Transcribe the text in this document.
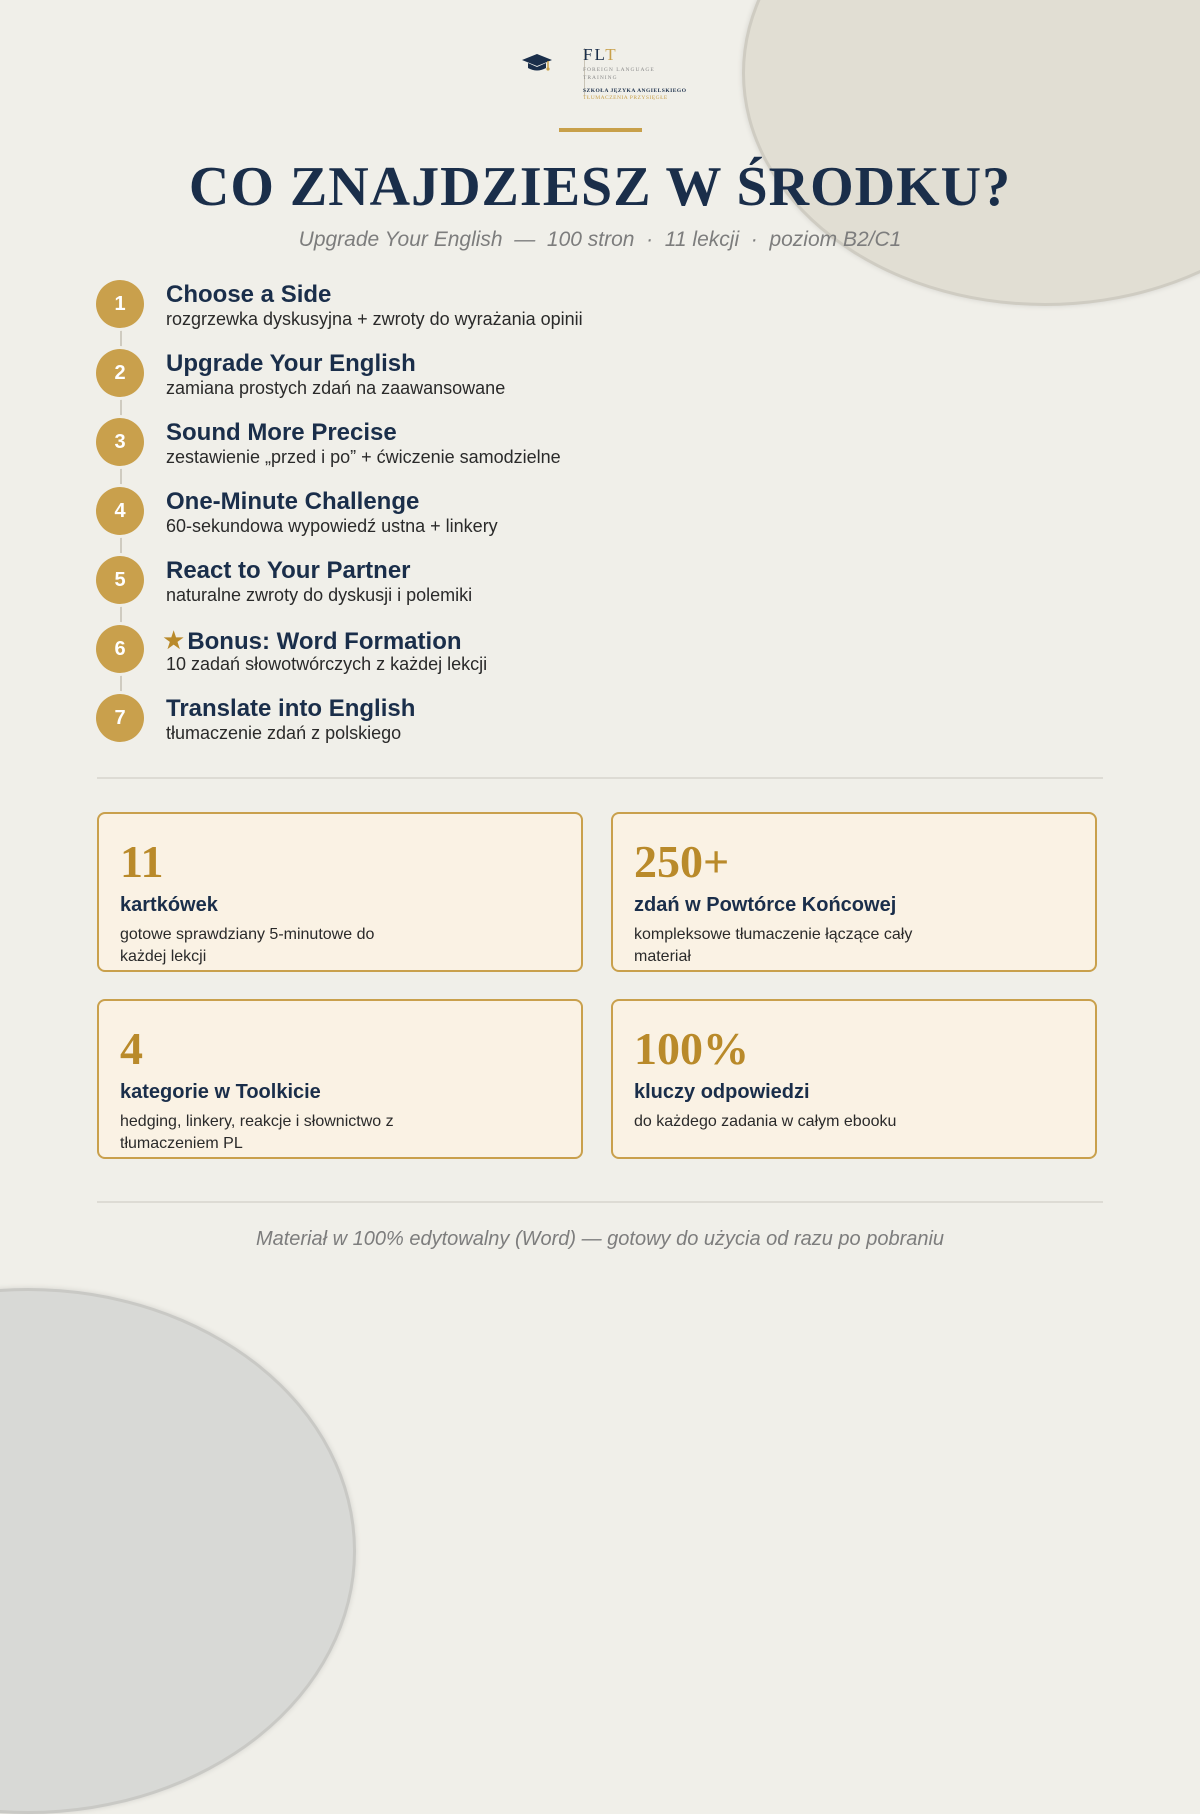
FLT
FOREIGN LANGUAGE TRAINING
SZKOŁA JĘZYKA ANGIELSKIEGO
TŁUMACZENIA PRZYSIĘGŁE
CO ZNAJDZIESZ W ŚRODKU?
Upgrade Your English  —  100 stron  ·  11 lekcji  ·  poziom B2/C1
1	Choose a Side
rozgrzewka dyskusyjna + zwroty do wyrażania opinii
2	Upgrade Your English
zamiana prostych zdań na zaawansowane
3	Sound More Precise
zestawienie „przed i po” + ćwiczenie samodzielne
4	One-Minute Challenge
60-sekundowa wypowiedź ustna + linkery
5	React to Your Partner
naturalne zwroty do dyskusji i polemiki
6	★Bonus: Word Formation
10 zadań słowotwórczych z każdej lekcji
7	Translate into English
tłumaczenie zdań z polskiego
11
kartkówek
gotowe sprawdziany 5-minutowe do każdej lekcji
250+
zdań w Powtórce Końcowej
kompleksowe tłumaczenie łączące cały materiał
4
kategorie w Toolkicie
hedging, linkery, reakcje i słownictwo z tłumaczeniem PL
100%
kluczy odpowiedzi
do każdego zadania w całym ebooku
Materiał w 100% edytowalny (Word) — gotowy do użycia od razu po pobraniu
